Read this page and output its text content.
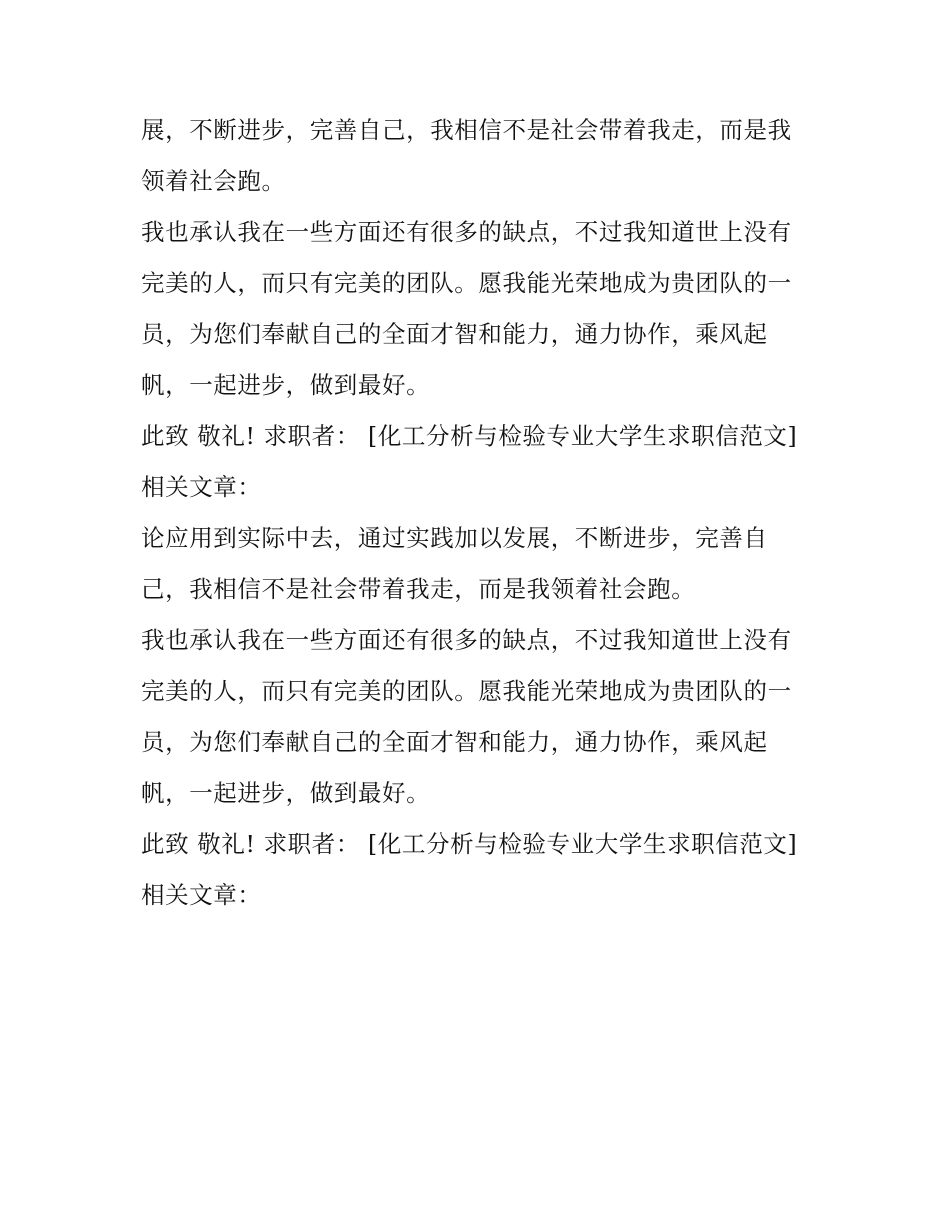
展，不断进步，完善自己，我相信不是社会带着我走，而是我

领着社会跑。

我也承认我在一些方面还有很多的缺点，不过我知道世上没有

完美的人，而只有完美的团队。愿我能光荣地成为贵团队的一

员，为您们奉献自己的全面才智和能力，通力协作，乘风起

帆，一起进步，做到最好。

此致 敬礼! 求职者： [化工分析与检验专业大学生求职信范文]

相关文章：

论应用到实际中去，通过实践加以发展，不断进步，完善自

己，我相信不是社会带着我走，而是我领着社会跑。

我也承认我在一些方面还有很多的缺点，不过我知道世上没有

完美的人，而只有完美的团队。愿我能光荣地成为贵团队的一

员，为您们奉献自己的全面才智和能力，通力协作，乘风起

帆，一起进步，做到最好。

此致 敬礼! 求职者： [化工分析与检验专业大学生求职信范文]

相关文章：
